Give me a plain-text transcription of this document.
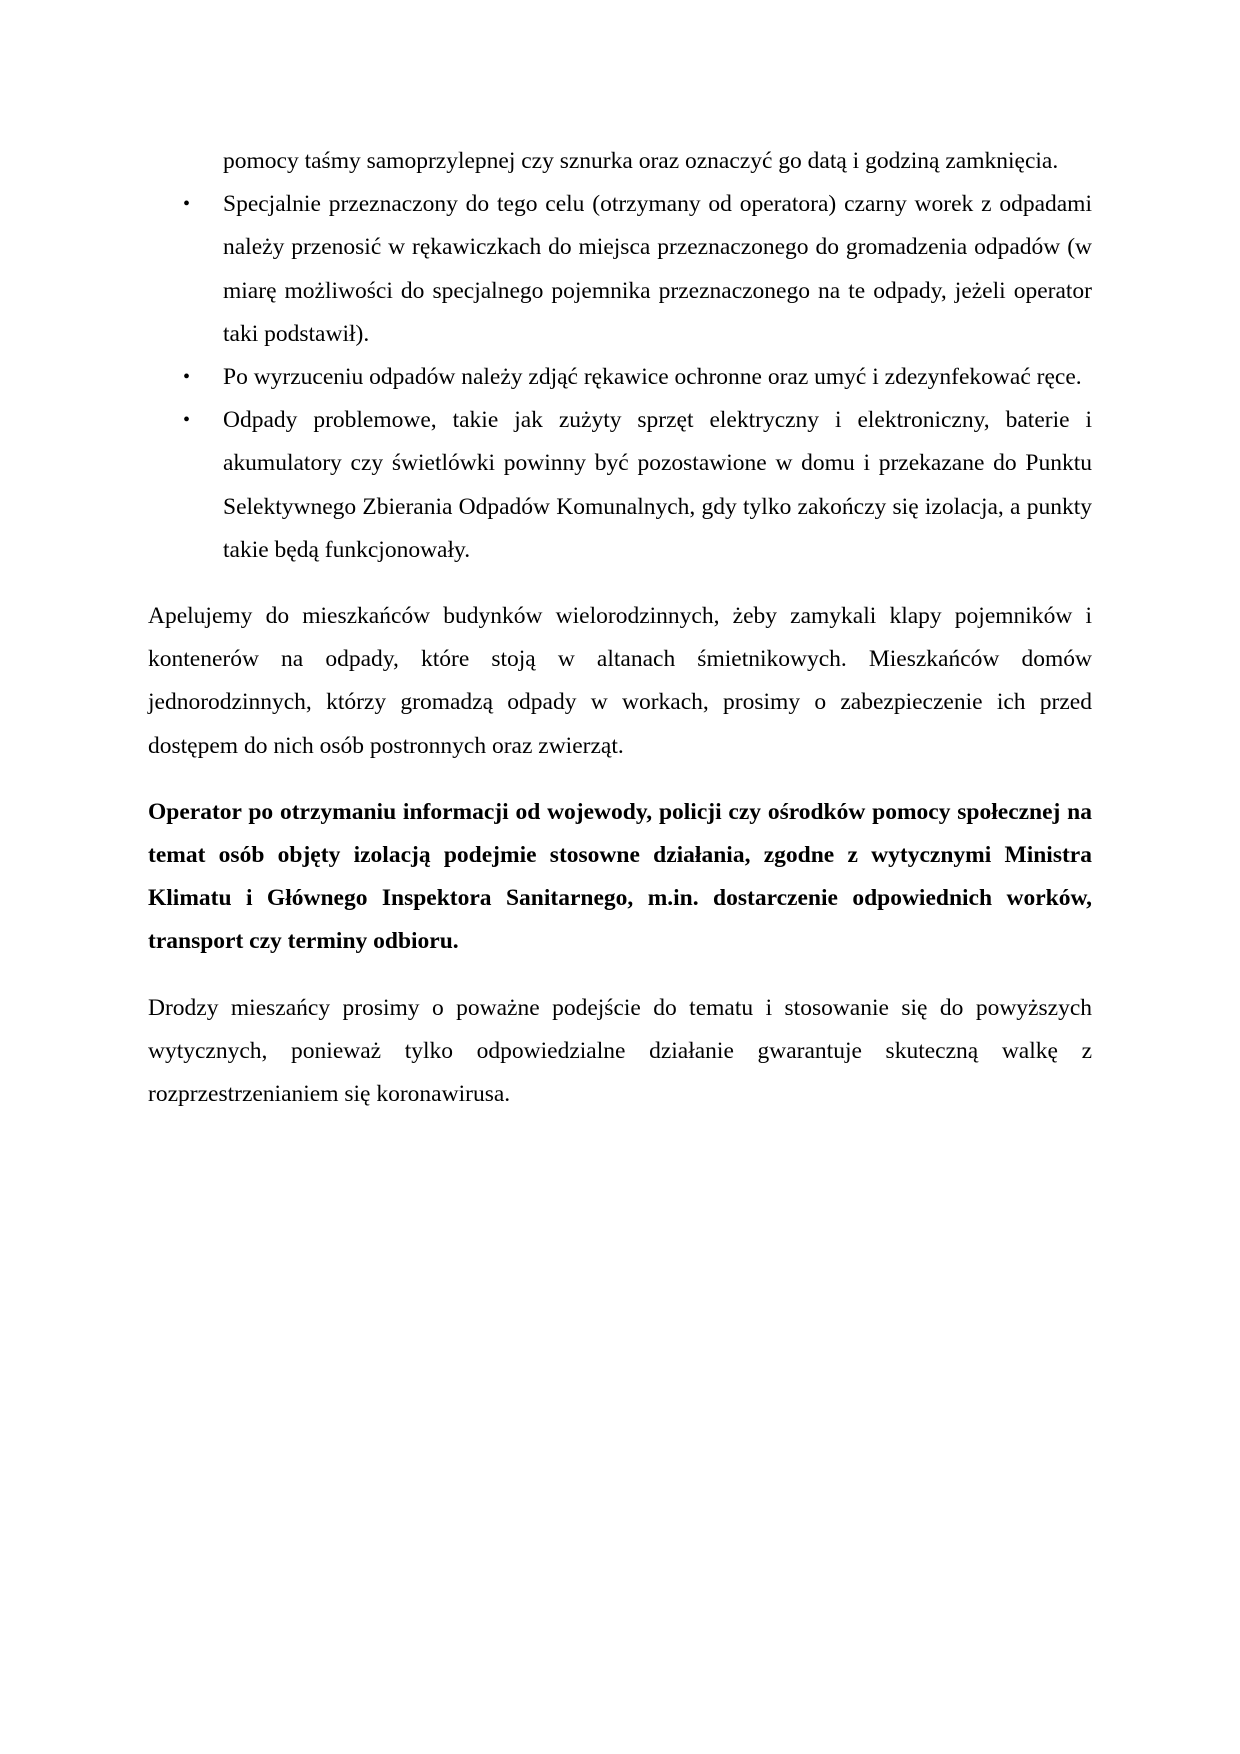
pomocy taśmy samoprzylepnej czy sznurka oraz oznaczyć go datą i godziną zamknięcia.
• Specjalnie przeznaczony do tego celu (otrzymany od operatora) czarny worek z odpadami należy przenosić w rękawiczkach do miejsca przeznaczonego do gromadzenia odpadów (w miarę możliwości do specjalnego pojemnika przeznaczonego na te odpady, jeżeli operator taki podstawił).
• Po wyrzuceniu odpadów należy zdjąć rękawice ochronne oraz umyć i zdezynfekować ręce.
• Odpady problemowe, takie jak zużyty sprzęt elektryczny i elektroniczny, baterie i akumulatory czy świetlówki powinny być pozostawione w domu i przekazane do Punktu Selektywnego Zbierania Odpadów Komunalnych, gdy tylko zakończy się izolacja, a punkty takie będą funkcjonowały.

Apelujemy do mieszkańców budynków wielorodzinnych, żeby zamykali klapy pojemników i kontenerów na odpady, które stoją w altanach śmietnikowych. Mieszkańców domów jednorodzinnych, którzy gromadzą odpady w workach, prosimy o zabezpieczenie ich przed dostępem do nich osób postronnych oraz zwierząt.

Operator po otrzymaniu informacji od wojewody, policji czy ośrodków pomocy społecznej na temat osób objęty izolacją podejmie stosowne działania, zgodne z wytycznymi Ministra Klimatu i Głównego Inspektora Sanitarnego, m.in. dostarczenie odpowiednich worków, transport czy terminy odbioru.

Drodzy mieszańcy prosimy o poważne podejście do tematu i stosowanie się do powyższych wytycznych, ponieważ tylko odpowiedzialne działanie gwarantuje skuteczną walkę z rozprzestrzenianiem się koronawirusa.
